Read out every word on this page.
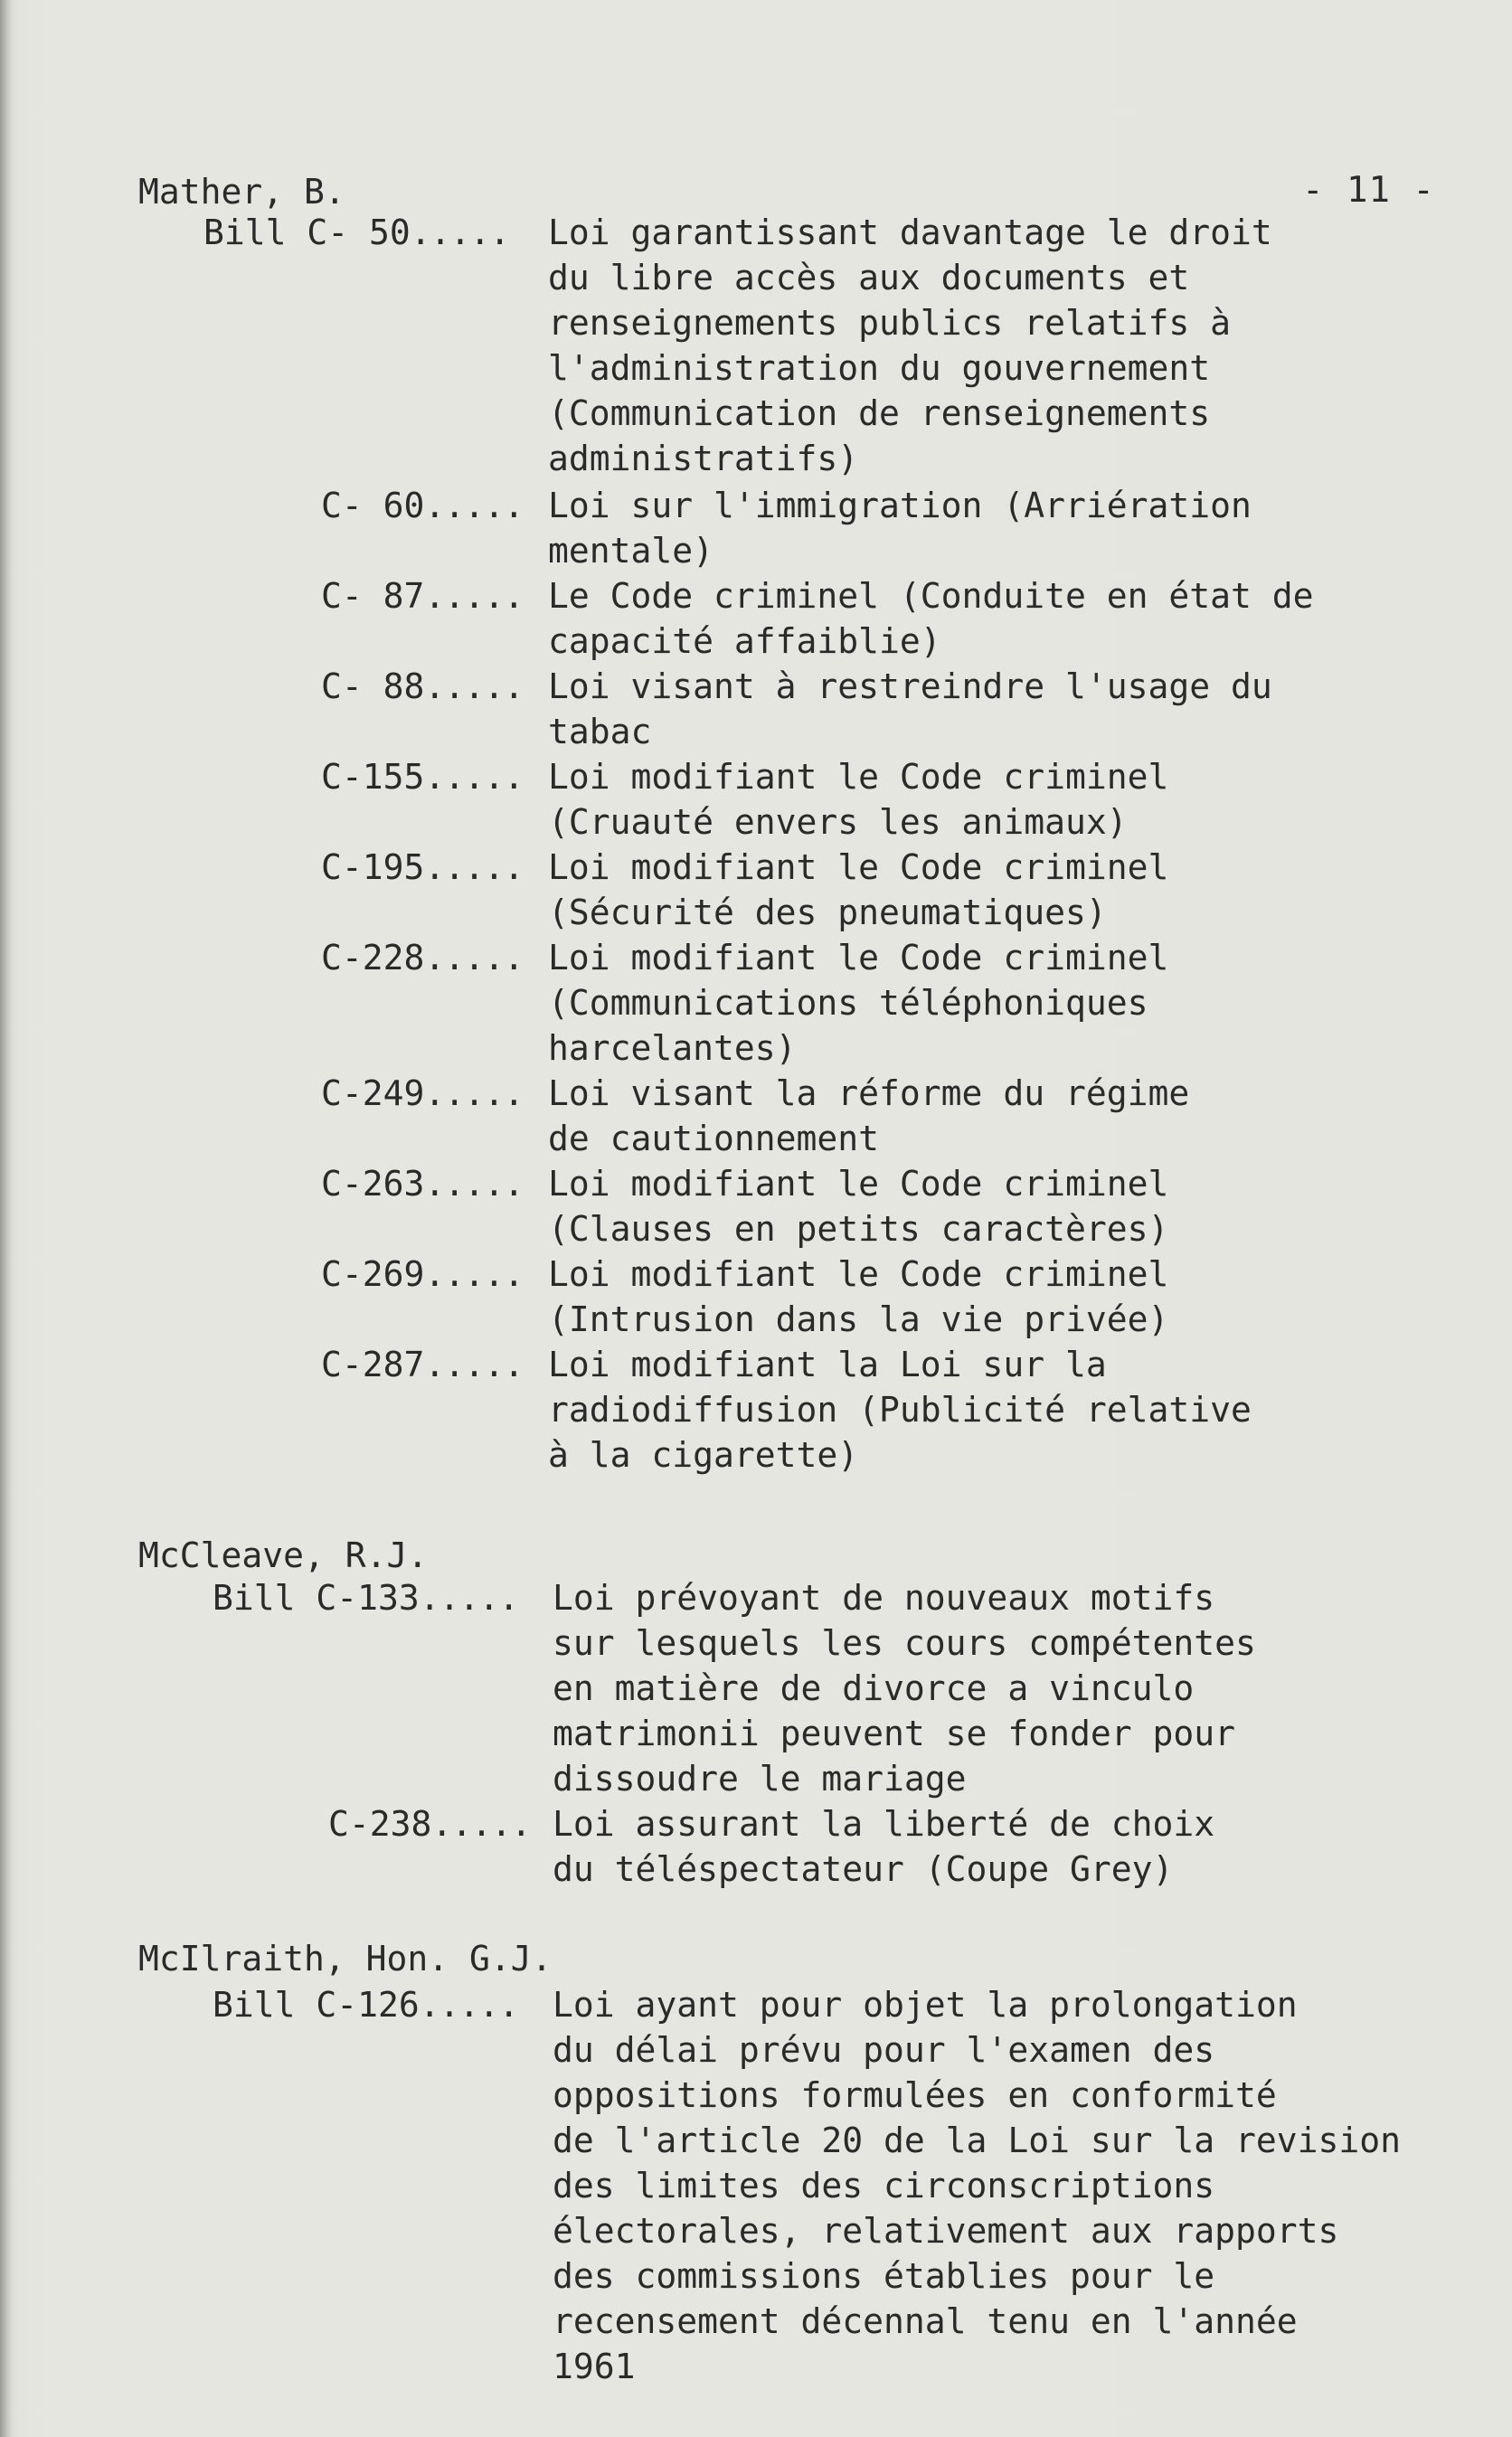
- 11 -
Mather, B.
Bill C- 50..... Loi garantissant davantage le droit
du libre accès aux documents et
renseignements publics relatifs à
l'administration du gouvernement
(Communication de renseignements
administratifs)
C- 60..... Loi sur l'immigration (Arriération
mentale)
C- 87..... Le Code criminel (Conduite en état de
capacité affaiblie)
C- 88..... Loi visant à restreindre l'usage du
tabac
C-155..... Loi modifiant le Code criminel
(Cruauté envers les animaux)
C-195..... Loi modifiant le Code criminel
(Sécurité des pneumatiques)
C-228..... Loi modifiant le Code criminel
(Communications téléphoniques
harcelantes)
C-249..... Loi visant la réforme du régime
de cautionnement
C-263..... Loi modifiant le Code criminel
(Clauses en petits caractères)
C-269..... Loi modifiant le Code criminel
(Intrusion dans la vie privée)
C-287..... Loi modifiant la Loi sur la
radiodiffusion (Publicité relative
à la cigarette)
McCleave, R.J.
Bill C-133..... Loi prévoyant de nouveaux motifs
sur lesquels les cours compétentes
en matière de divorce a vinculo
matrimonii peuvent se fonder pour
dissoudre le mariage
C-238..... Loi assurant la liberté de choix
du téléspectateur (Coupe Grey)
McIlraith, Hon. G.J.
Bill C-126..... Loi ayant pour objet la prolongation
du délai prévu pour l'examen des
oppositions formulées en conformité
de l'article 20 de la Loi sur la revision
des limites des circonscriptions
électorales, relativement aux rapports
des commissions établies pour le
recensement décennal tenu en l'année
1961
